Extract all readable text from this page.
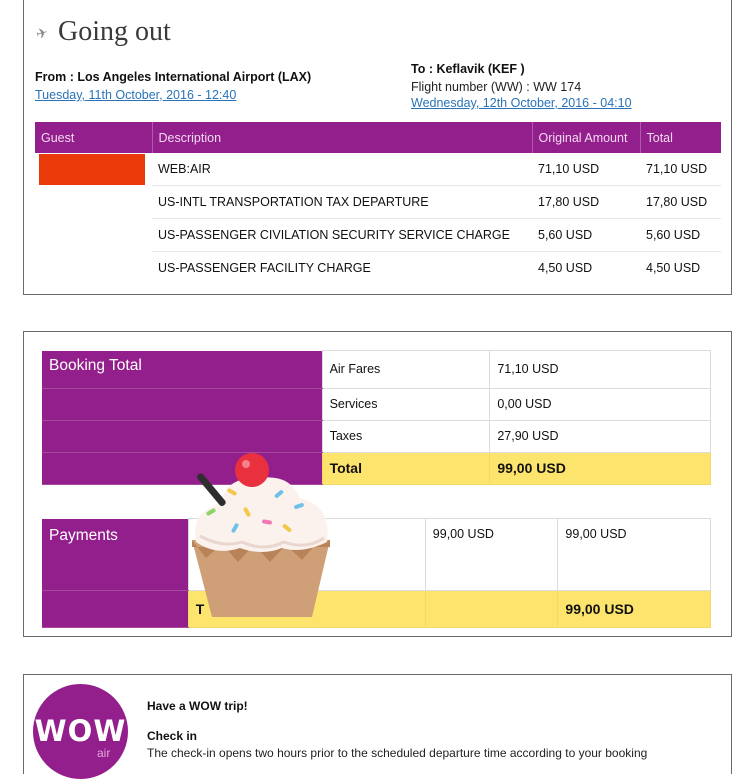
✈ Going out
From : Los Angeles International Airport (LAX)
Tuesday, 11th October, 2016 - 12:40
To : Keflavik (KEF )
Flight number (WW) : WW 174
Wednesday, 12th October, 2016 - 04:10
Guest	Description	Original Amount	Total

	WEB:AIR	71,10 USD	71,10 USD
	US-INTL TRANSPORTATION TAX DEPARTURE	17,80 USD	17,80 USD
	US-PASSENGER CIVILATION SECURITY SERVICE CHARGE	5,60 USD	5,60 USD
	US-PASSENGER FACILITY CHARGE	4,50 USD	4,50 USD
Booking Total	Air Fares	71,10 USD
	Services	0,00 USD
	Taxes	27,90 USD
	Total	99,00 USD
Payments		99,00 USD	99,00 USD
	T		99,00 USD
WOW
air
Have a WOW trip!
Check in
The check-in opens two hours prior to the scheduled departure time according to your booking
